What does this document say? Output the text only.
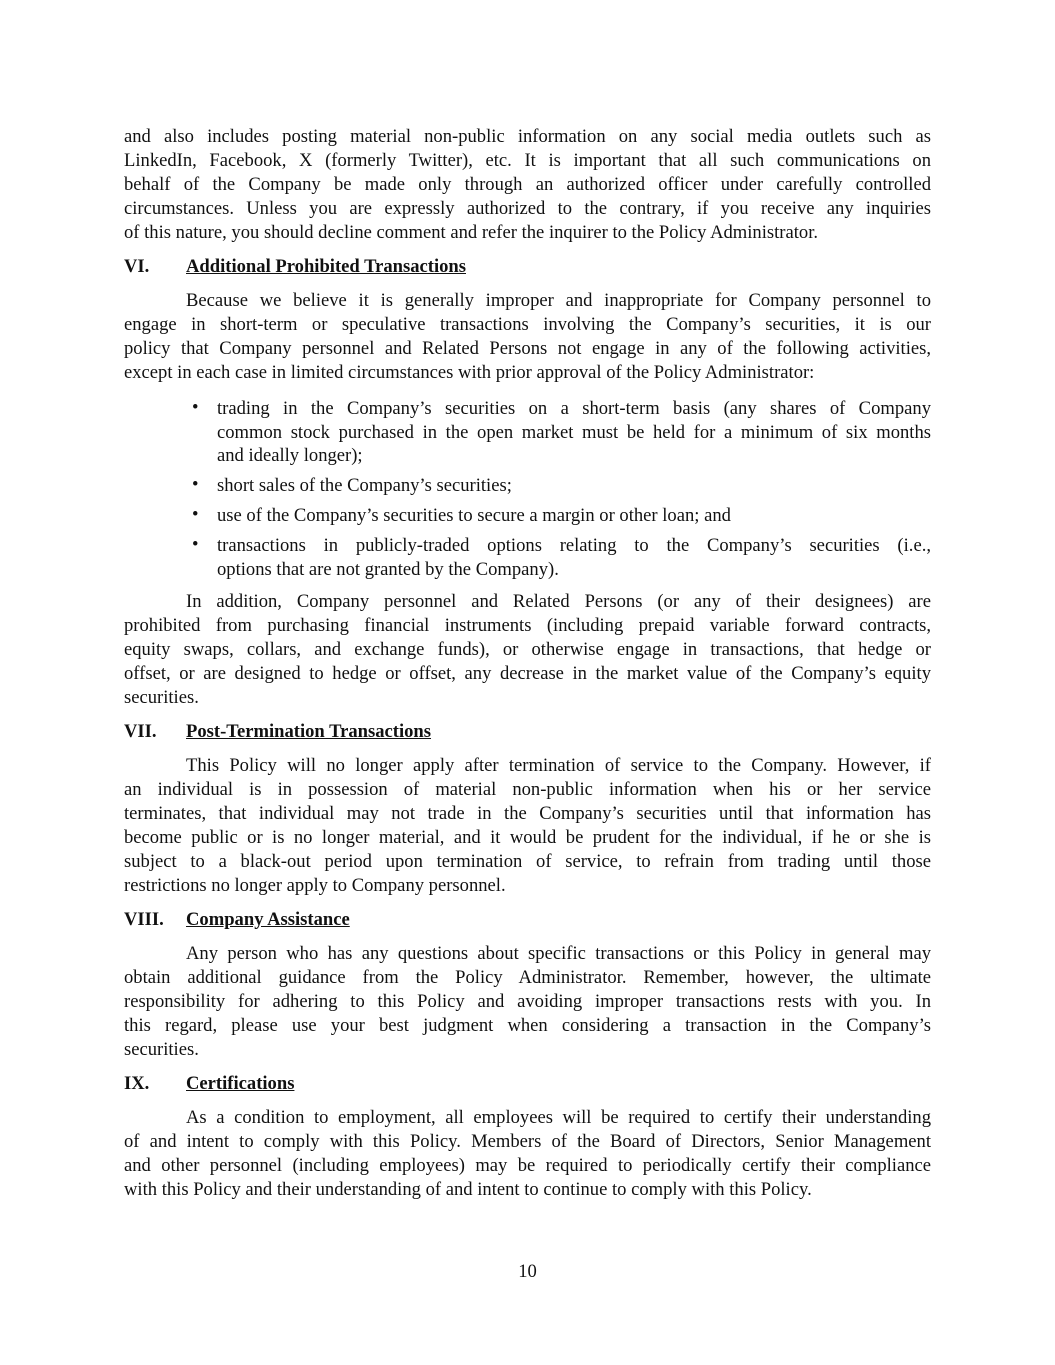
and also includes posting material non-public information on any social media outlets such as
LinkedIn, Facebook, X (formerly Twitter), etc. It is important that all such communications on
behalf of the Company be made only through an authorized officer under carefully controlled
circumstances. Unless you are expressly authorized to the contrary, if you receive any inquiries
of this nature, you should decline comment and refer the inquirer to the Policy Administrator.
VI.	Additional Prohibited Transactions
Because we believe it is generally improper and inappropriate for Company personnel to
engage in short-term or speculative transactions involving the Company’s securities, it is our
policy that Company personnel and Related Persons not engage in any of the following activities,
except in each case in limited circumstances with prior approval of the Policy Administrator:
• trading in the Company’s securities on a short-term basis (any shares of Company
common stock purchased in the open market must be held for a minimum of six months
and ideally longer);
• short sales of the Company’s securities;
• use of the Company’s securities to secure a margin or other loan; and
• transactions in publicly-traded options relating to the Company’s securities (i.e.,
options that are not granted by the Company).
In addition, Company personnel and Related Persons (or any of their designees) are
prohibited from purchasing financial instruments (including prepaid variable forward contracts,
equity swaps, collars, and exchange funds), or otherwise engage in transactions, that hedge or
offset, or are designed to hedge or offset, any decrease in the market value of the Company’s equity
securities.
VII.	Post-Termination Transactions
This Policy will no longer apply after termination of service to the Company. However, if
an individual is in possession of material non-public information when his or her service
terminates, that individual may not trade in the Company’s securities until that information has
become public or is no longer material, and it would be prudent for the individual, if he or she is
subject to a black-out period upon termination of service, to refrain from trading until those
restrictions no longer apply to Company personnel.
VIII.	Company Assistance
Any person who has any questions about specific transactions or this Policy in general may
obtain additional guidance from the Policy Administrator. Remember, however, the ultimate
responsibility for adhering to this Policy and avoiding improper transactions rests with you. In
this regard, please use your best judgment when considering a transaction in the Company’s
securities.
IX.	Certifications
As a condition to employment, all employees will be required to certify their understanding
of and intent to comply with this Policy. Members of the Board of Directors, Senior Management
and other personnel (including employees) may be required to periodically certify their compliance
with this Policy and their understanding of and intent to continue to comply with this Policy.
10
